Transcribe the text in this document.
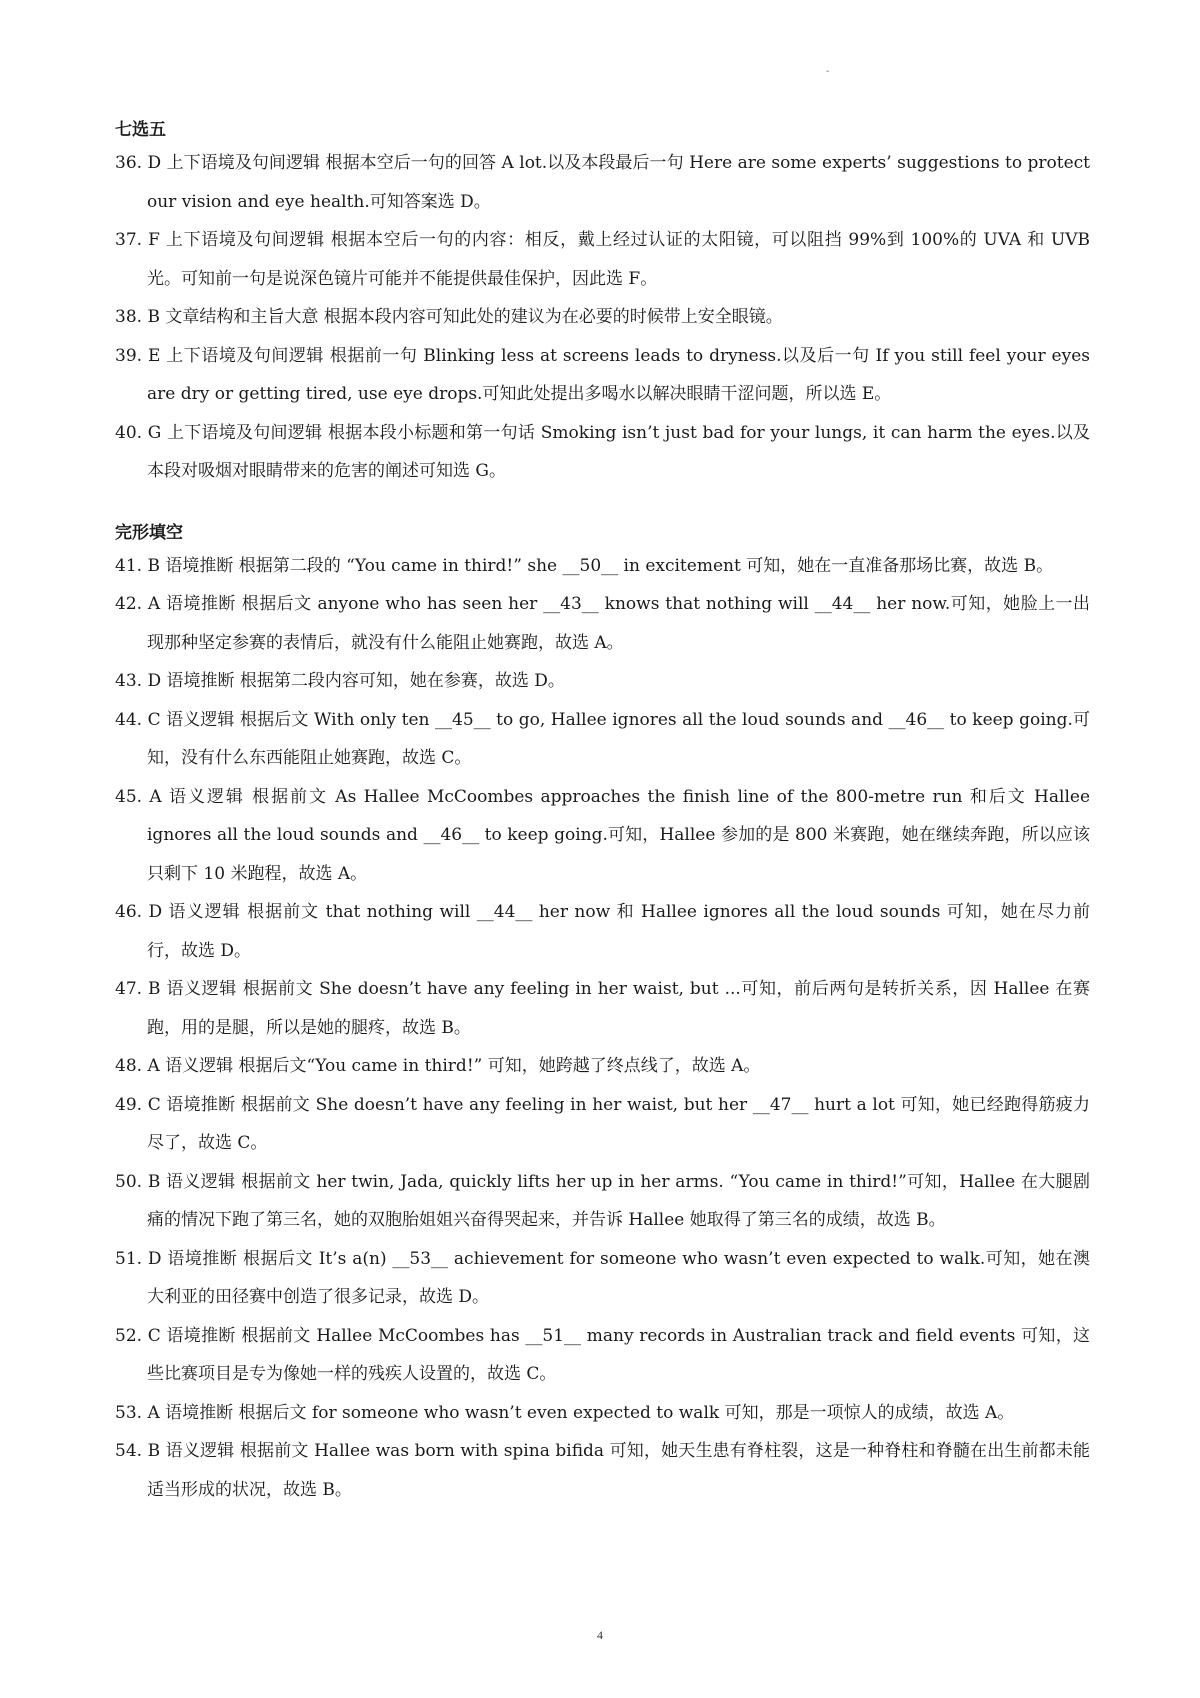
-

七选五

36. D 上下语境及句间逻辑 根据本空后一句的回答 A lot.以及本段最后一句 Here are some experts’ suggestions to protect our vision and eye health.可知答案选 D。

37. F 上下语境及句间逻辑 根据本空后一句的内容：相反，戴上经过认证的太阳镜，可以阻挡 99%到 100%的 UVA 和 UVB 光。可知前一句是说深色镜片可能并不能提供最佳保护，因此选 F。

38. B 文章结构和主旨大意 根据本段内容可知此处的建议为在必要的时候带上安全眼镜。

39. E 上下语境及句间逻辑 根据前一句 Blinking less at screens leads to dryness.以及后一句 If you still feel your eyes are dry or getting tired, use eye drops.可知此处提出多喝水以解决眼睛干涩问题，所以选 E。

40. G 上下语境及句间逻辑 根据本段小标题和第一句话 Smoking isn’t just bad for your lungs, it can harm the eyes.以及本段对吸烟对眼睛带来的危害的阐述可知选 G。

完形填空

41. B 语境推断 根据第二段的 “You came in third!” she __50__ in excitement 可知，她在一直准备那场比赛，故选 B。

42. A 语境推断 根据后文 anyone who has seen her __43__ knows that nothing will __44__ her now.可知，她脸上一出现那种坚定参赛的表情后，就没有什么能阻止她赛跑，故选 A。

43. D 语境推断 根据第二段内容可知，她在参赛，故选 D。

44. C 语义逻辑 根据后文 With only ten __45__ to go, Hallee ignores all the loud sounds and __46__ to keep going.可知，没有什么东西能阻止她赛跑，故选 C。

45. A 语义逻辑 根据前文 As Hallee McCoombes approaches the finish line of the 800-metre run 和后文 Hallee ignores all the loud sounds and __46__ to keep going.可知，Hallee 参加的是 800 米赛跑，她在继续奔跑，所以应该只剩下 10 米跑程，故选 A。

46. D 语义逻辑 根据前文 that nothing will __44__ her now 和 Hallee ignores all the loud sounds 可知，她在尽力前行，故选 D。

47. B 语义逻辑 根据前文 She doesn’t have any feeling in her waist, but ...可知，前后两句是转折关系，因 Hallee 在赛跑，用的是腿，所以是她的腿疼，故选 B。

48. A 语义逻辑 根据后文“You came in third!” 可知，她跨越了终点线了，故选 A。

49. C 语境推断 根据前文 She doesn’t have any feeling in her waist, but her __47__ hurt a lot 可知，她已经跑得筋疲力尽了，故选 C。

50. B 语义逻辑 根据前文 her twin, Jada, quickly lifts her up in her arms. “You came in third!”可知，Hallee 在大腿剧痛的情况下跑了第三名，她的双胞胎姐姐兴奋得哭起来，并告诉 Hallee 她取得了第三名的成绩，故选 B。

51. D 语境推断 根据后文 It’s a(n) __53__ achievement for someone who wasn’t even expected to walk.可知，她在澳大利亚的田径赛中创造了很多记录，故选 D。

52. C 语境推断 根据前文 Hallee McCoombes has __51__ many records in Australian track and field events 可知，这些比赛项目是专为像她一样的残疾人设置的，故选 C。

53. A 语境推断 根据后文 for someone who wasn’t even expected to walk 可知，那是一项惊人的成绩，故选 A。

54. B 语义逻辑 根据前文 Hallee was born with spina bifida 可知，她天生患有脊柱裂，这是一种脊柱和脊髓在出生前都未能适当形成的状况，故选 B。

4
